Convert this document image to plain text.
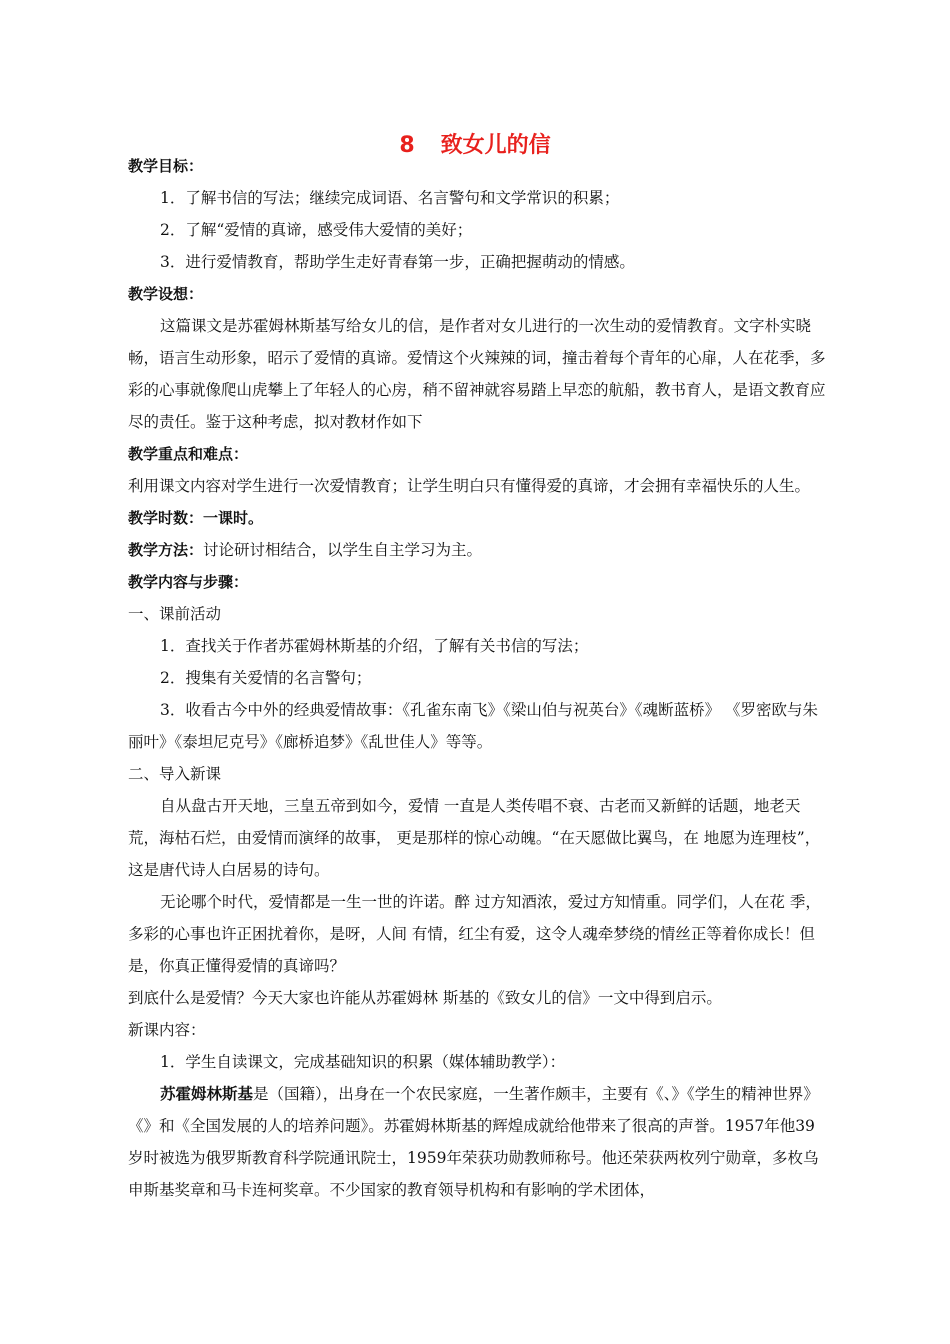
8 致女儿的信

教学目标：

1．了解书信的写法；继续完成词语、名言警句和文学常识的积累；

2．了解“爱情的真谛，感受伟大爱情的美好；

3．进行爱情教育，帮助学生走好青春第一步，正确把握萌动的情感。

教学设想：

这篇课文是苏霍姆林斯基写给女儿的信，是作者对女儿进行的一次生动的爱情教育。文字朴实晓畅，语言生动形象，昭示了爱情的真谛。爱情这个火辣辣的词，撞击着每个青年的心扉，人在花季，多彩的心事就像爬山虎攀上了年轻人的心房，稍不留神就容易踏上早恋的航船，教书育人，是语文教育应尽的责任。鉴于这种考虑，拟对教材作如下

教学重点和难点：

利用课文内容对学生进行一次爱情教育；让学生明白只有懂得爱的真谛，才会拥有幸福快乐的人生。

教学时数：一课时。

教学方法：讨论研讨相结合，以学生自主学习为主。

教学内容与步骤：

一、课前活动

1．查找关于作者苏霍姆林斯基的介绍，了解有关书信的写法；

2．搜集有关爱情的名言警句；

3．收看古今中外的经典爱情故事：《孔雀东南飞》《梁山伯与祝英台》《魂断蓝桥》 《罗密欧与朱丽叶》《泰坦尼克号》《廊桥追梦》《乱世佳人》等等。

二、导入新课

自从盘古开天地，三皇五帝到如今，爱情 一直是人类传唱不衰、古老而又新鲜的话题，地老天荒，海枯石烂，由爱情而演绎的故事， 更是那样的惊心动魄。“在天愿做比翼鸟，在 地愿为连理枝”，这是唐代诗人白居易的诗句。

无论哪个时代，爱情都是一生一世的许诺。醉 过方知酒浓，爱过方知情重。同学们，人在花 季，多彩的心事也许正困扰着你，是呀，人间 有情，红尘有爱，这令人魂牵梦绕的情丝正等着你成长！但是，你真正懂得爱情的真谛吗？

到底什么是爱情？今天大家也许能从苏霍姆林 斯基的《致女儿的信》一文中得到启示。

新课内容：

1．学生自读课文，完成基础知识的积累（媒体辅助教学）：

苏霍姆林斯基是（国籍），出身在一个农民家庭，一生著作颇丰，主要有《、》《学生的精神世界》《》和《全国发展的人的培养问题》。苏霍姆林斯基的辉煌成就给他带来了很高的声誉。1957年他39岁时被选为俄罗斯教育科学院通讯院士，1959年荣获功勋教师称号。他还荣获两枚列宁勋章，多枚乌申斯基奖章和马卡连柯奖章。不少国家的教育领导机构和有影响的学术团体，
